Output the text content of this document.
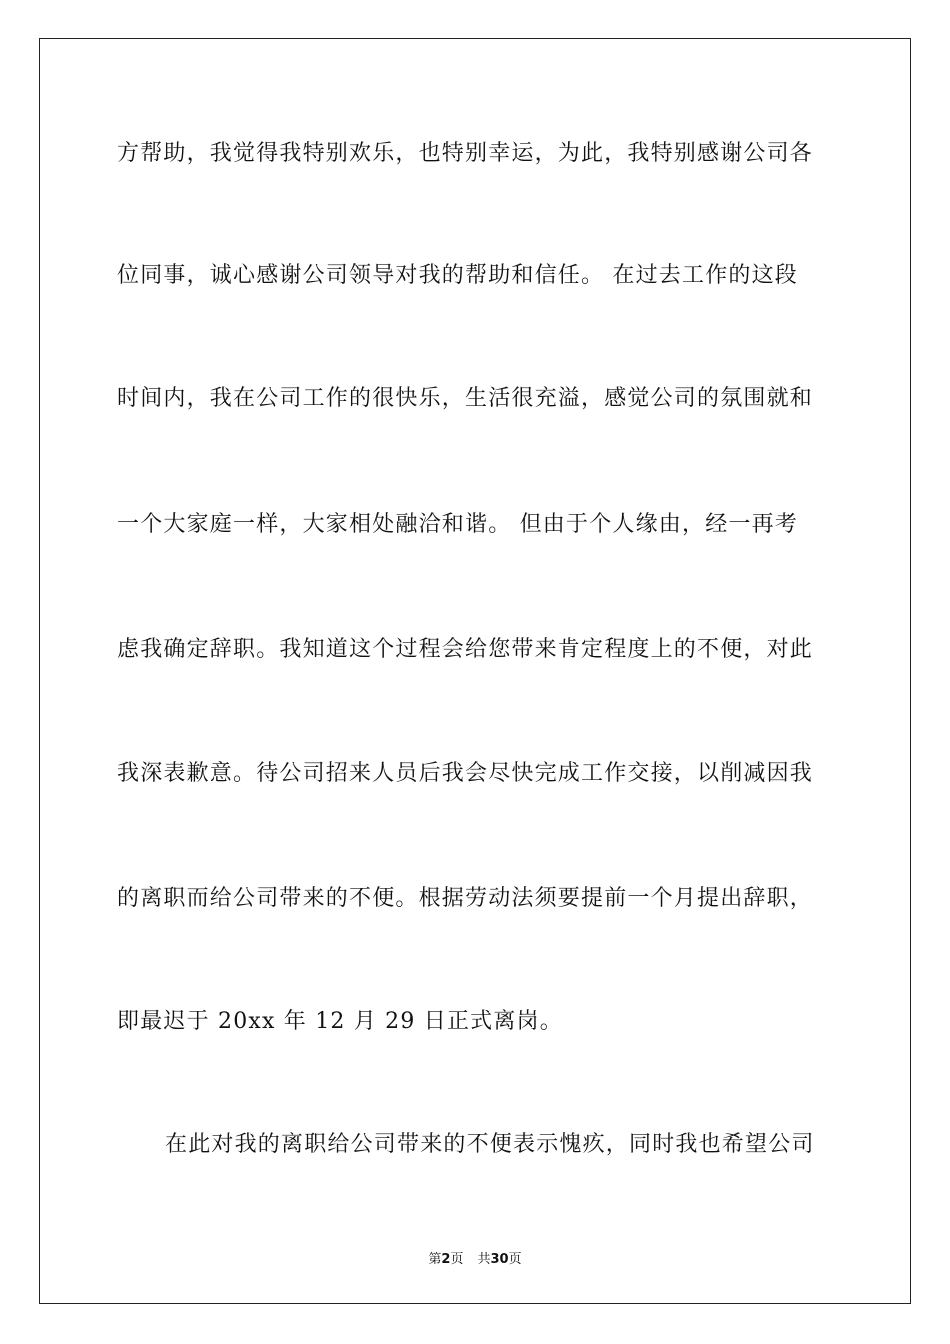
方帮助，我觉得我特别欢乐，也特别幸运，为此，我特别感谢公司各
位同事，诚心感谢公司领导对我的帮助和信任。 在过去工作的这段
时间内，我在公司工作的很快乐，生活很充溢，感觉公司的氛围就和
一个大家庭一样，大家相处融洽和谐。 但由于个人缘由，经一再考
虑我确定辞职。我知道这个过程会给您带来肯定程度上的不便，对此
我深表歉意。待公司招来人员后我会尽快完成工作交接，以削减因我
的离职而给公司带来的不便。根据劳动法须要提前一个月提出辞职，
即最迟于 20xx 年 12 月 29 日正式离岗。
在此对我的离职给公司带来的不便表示愧疚，同时我也希望公司
第2页 共30页
